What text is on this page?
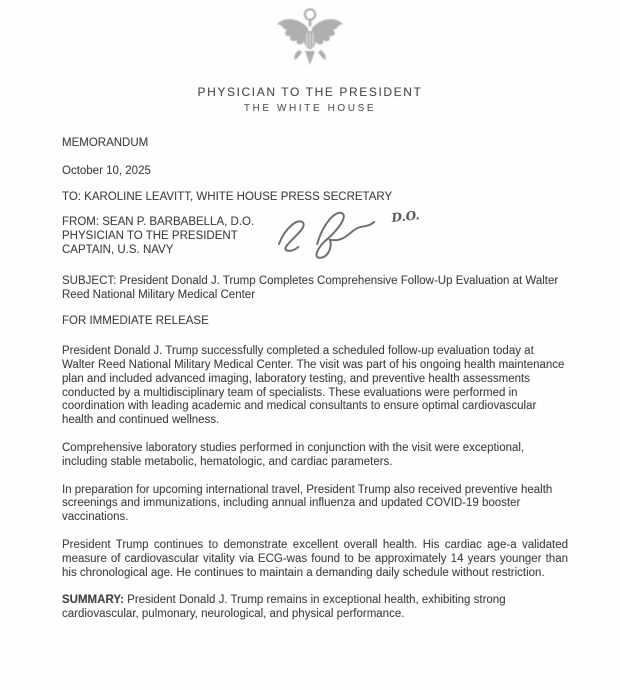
PHYSICIAN TO THE PRESIDENT
THE WHITE HOUSE
MEMORANDUM
October 10, 2025
TO: KAROLINE LEAVITT, WHITE HOUSE PRESS SECRETARY
FROM: SEAN P. BARBABELLA, D.O.
PHYSICIAN TO THE PRESIDENT
CAPTAIN, U.S. NAVY
D.O.
SUBJECT: President Donald J. Trump Completes Comprehensive Follow-Up Evaluation at Walter Reed National Military Medical Center
FOR IMMEDIATE RELEASE
President Donald J. Trump successfully completed a scheduled follow-up evaluation today at Walter Reed National Military Medical Center. The visit was part of his ongoing health maintenance plan and included advanced imaging, laboratory testing, and preventive health assessments conducted by a multidisciplinary team of specialists. These evaluations were performed in coordination with leading academic and medical consultants to ensure optimal cardiovascular health and continued wellness.
Comprehensive laboratory studies performed in conjunction with the visit were exceptional, including stable metabolic, hematologic, and cardiac parameters.
In preparation for upcoming international travel, President Trump also received preventive health screenings and immunizations, including annual influenza and updated COVID-19 booster vaccinations.
President Trump continues to demonstrate excellent overall health. His cardiac age-a validated measure of cardiovascular vitality via ECG-was found to be approximately 14 years younger than his chronological age. He continues to maintain a demanding daily schedule without restriction.
SUMMARY: President Donald J. Trump remains in exceptional health, exhibiting strong cardiovascular, pulmonary, neurological, and physical performance.
